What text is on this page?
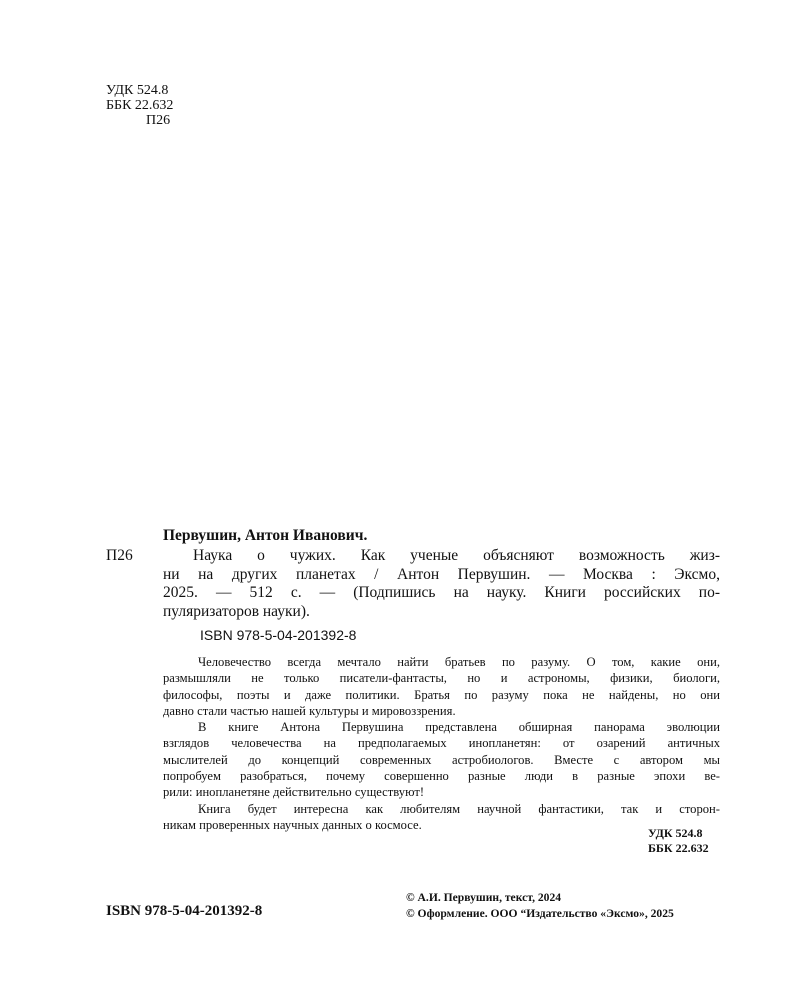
УДК 524.8
ББК 22.632
П26
Первушин, Антон Иванович.
П26	Наука о чужих. Как ученые объясняют возможность жиз-
ни на других планетах / Антон Первушин. — Москва : Эксмо,
2025. — 512 с. — (Подпишись на науку. Книги российских по-
пуляризаторов науки).
ISBN 978-5-04-201392-8

Человечество всегда мечтало найти братьев по разуму. О том, какие они,
размышляли не только писатели-фантасты, но и астрономы, физики, биологи,
философы, поэты и даже политики. Братья по разуму пока не найдены, но они
давно стали частью нашей культуры и мировоззрения.

В книге Антона Первушина представлена обширная панорама эволюции
взглядов человечества на предполагаемых инопланетян: от озарений античных
мыслителей до концепций современных астробиологов. Вместе с автором мы
попробуем разобраться, почему совершенно разные люди в разные эпохи ве-
рили: инопланетяне действительно существуют!

Книга будет интересна как любителям научной фантастики, так и сторон-
никам проверенных научных данных о космосе.

УДК 524.8
ББК 22.632
ISBN 978-5-04-201392-8
© А.И. Первушин, текст, 2024
© Оформление. ООО “Издательство «Эксмо», 2025
